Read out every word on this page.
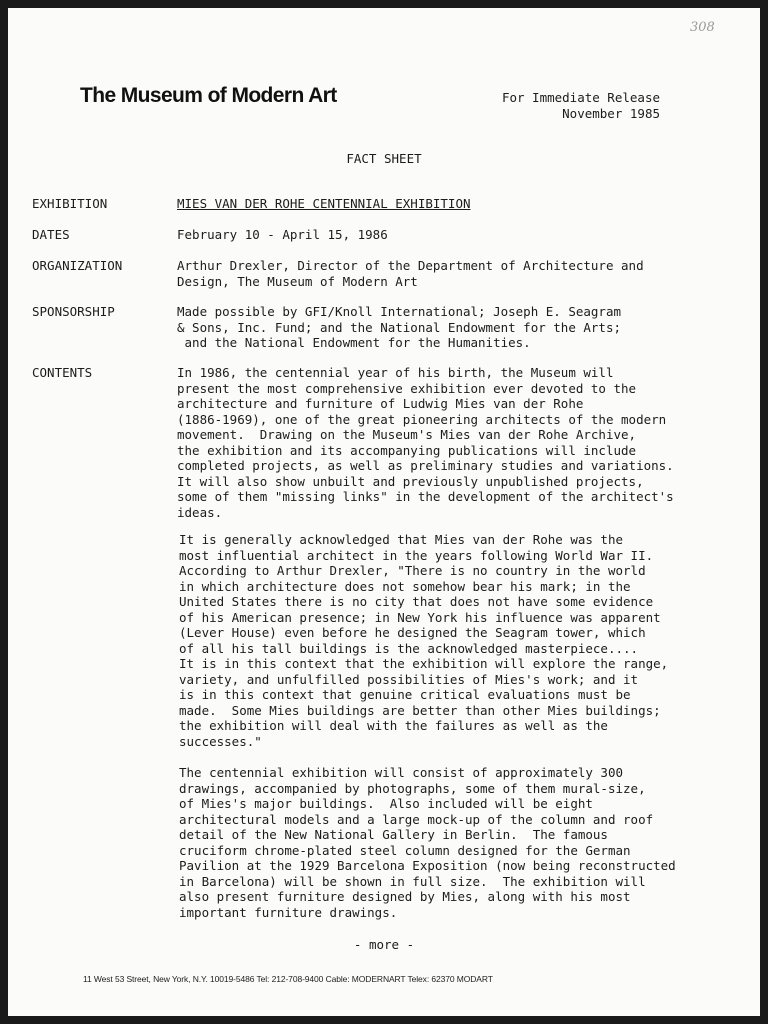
308
The Museum of Modern Art	For Immediate Release
November 1985
FACT SHEET
EXHIBITION	MIES VAN DER ROHE CENTENNIAL EXHIBITION
DATES	February 10 - April 15, 1986
ORGANIZATION	Arthur Drexler, Director of the Department of Architecture and
Design, The Museum of Modern Art
SPONSORSHIP	Made possible by GFI/Knoll International; Joseph E. Seagram
& Sons, Inc. Fund; and the National Endowment for the Arts;
and the National Endowment for the Humanities.
CONTENTS	In 1986, the centennial year of his birth, the Museum will
present the most comprehensive exhibition ever devoted to the
architecture and furniture of Ludwig Mies van der Rohe
(1886-1969), one of the great pioneering architects of the modern
movement.  Drawing on the Museum's Mies van der Rohe Archive,
the exhibition and its accompanying publications will include
completed projects, as well as preliminary studies and variations.
It will also show unbuilt and previously unpublished projects,
some of them "missing links" in the development of the architect's
ideas.
It is generally acknowledged that Mies van der Rohe was the
most influential architect in the years following World War II.
According to Arthur Drexler, "There is no country in the world
in which architecture does not somehow bear his mark; in the
United States there is no city that does not have some evidence
of his American presence; in New York his influence was apparent
(Lever House) even before he designed the Seagram tower, which
of all his tall buildings is the acknowledged masterpiece....
It is in this context that the exhibition will explore the range,
variety, and unfulfilled possibilities of Mies's work; and it
is in this context that genuine critical evaluations must be
made.  Some Mies buildings are better than other Mies buildings;
the exhibition will deal with the failures as well as the
successes."
The centennial exhibition will consist of approximately 300
drawings, accompanied by photographs, some of them mural-size,
of Mies's major buildings.  Also included will be eight
architectural models and a large mock-up of the column and roof
detail of the New National Gallery in Berlin.  The famous
cruciform chrome-plated steel column designed for the German
Pavilion at the 1929 Barcelona Exposition (now being reconstructed
in Barcelona) will be shown in full size.  The exhibition will
also present furniture designed by Mies, along with his most
important furniture drawings.
- more -
11 West 53 Street, New York, N.Y. 10019-5486 Tel: 212-708-9400 Cable: MODERNART Telex: 62370 MODART
